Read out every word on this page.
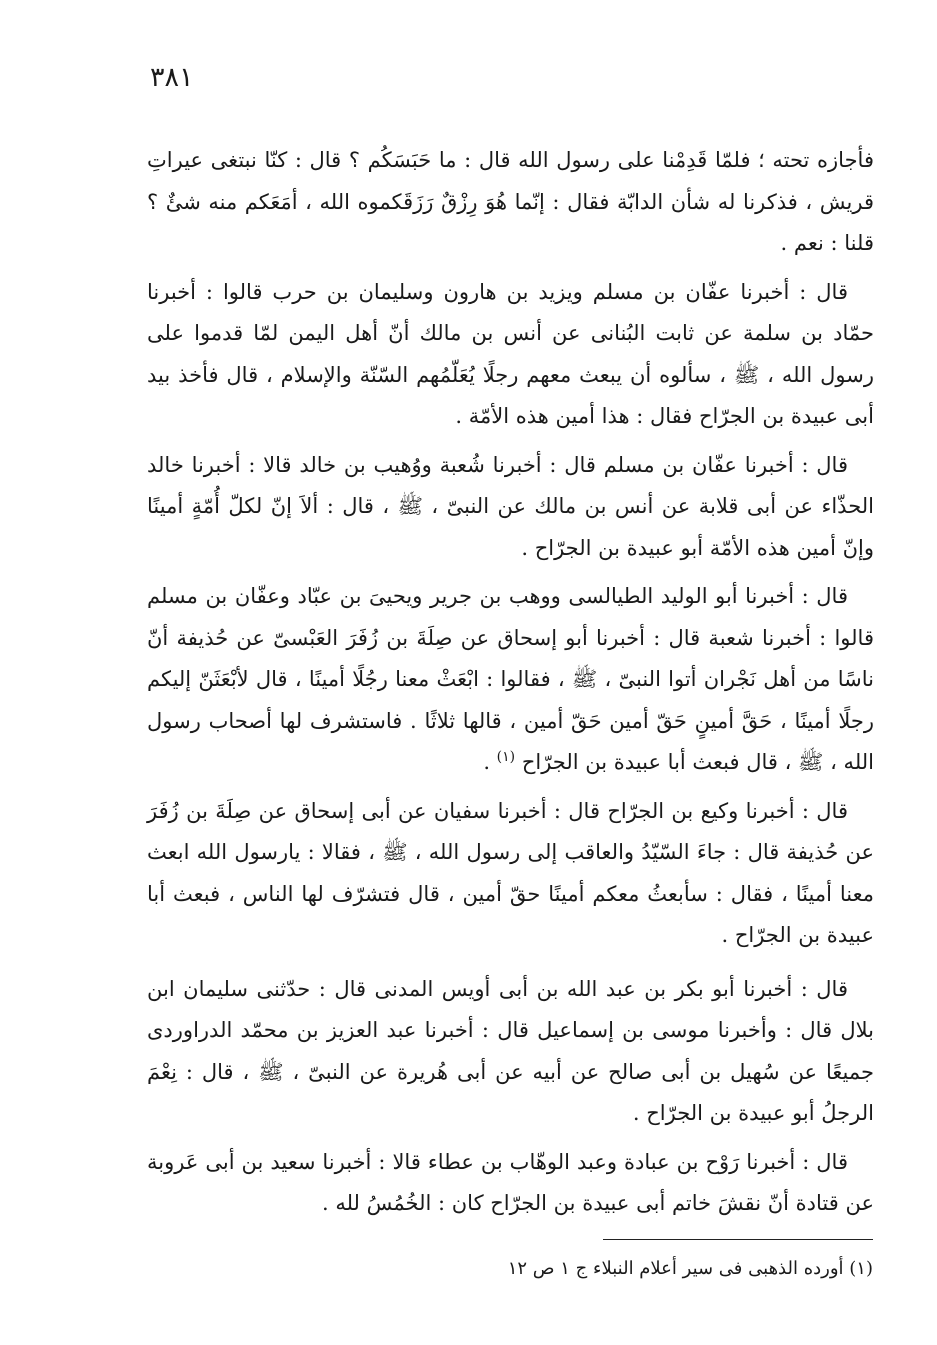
٣٨١

فأجازه تحته ؛ فلمّا قَدِمْنا على رسول الله قال : ما حَبَسَكُم ؟ قال : كنّا نبتغى عيراتِ قريش ، فذكرنا له شأن الدابّة فقال : إنّما هُوَ رِزْقٌ رَزَقَكموه الله ، أمَعَكم منه شئٌ ؟ قلنا : نعم .

قال : أخبرنا عفّان بن مسلم ويزيد بن هارون وسليمان بن حرب قالوا : أخبرنا حمّاد بن سلمة عن ثابت البُنانى عن أنس بن مالك أنّ أهل اليمن لمّا قدموا على رسول الله ، ﷺ ، سألوه أن يبعث معهم رجلًا يُعَلّمُهم السّنّة والإسلام ، قال فأخذ بيد أبى عبيدة بن الجرّاح فقال : هذا أمين هذه الأمّة .

قال : أخبرنا عفّان بن مسلم قال : أخبرنا شُعبة ووُهيب بن خالد قالا : أخبرنا خالد الحذّاء عن أبى قلابة عن أنس بن مالك عن النبىّ ، ﷺ ، قال : ألاَ إنّ لكلّ أُمّةٍ أمينًا وإنّ أمين هذه الأمّة أبو عبيدة بن الجرّاح .

قال : أخبرنا أبو الوليد الطيالسى ووهب بن جرير ويحيىَ بن عبّاد وعفّان بن مسلم قالوا : أخبرنا شعبة قال : أخبرنا أبو إسحاق عن صِلَةَ بن زُفَرَ العَبْسىّ عن حُذيفة أنّ ناسًا من أهل نَجْران أتوا النبىّ ، ﷺ ، فقالوا : ابْعَثْ معنا رجُلًا أمينًا ، قال لأبْعَثَنّ إليكم رجلًا أمينًا ، حَقَّ أمينٍ حَقّ أمين حَقّ أمين ، قالها ثلاثًا . فاستشرف لها أصحاب رسول الله ، ﷺ ، قال فبعث أبا عبيدة بن الجرّاح $^{(١)}$ .

قال : أخبرنا وكيع بن الجرّاح قال : أخبرنا سفيان عن أبى إسحاق عن صِلَةَ بن زُفَرَ عن حُذيفة قال : جاءَ السّيّدُ والعاقب إلى رسول الله ، ﷺ ، فقالا : يارسول الله ابعث معنا أمينًا ، فقال : سأبعثُ معكم أمينًا حقّ أمين ، قال فتشرّف لها الناس ، فبعث أبا عبيدة بن الجرّاح .

قال : أخبرنا أبو بكر بن عبد الله بن أبى أويس المدنى قال : حدّثنى سليمان ابن بلال قال : وأخبرنا موسى بن إسماعيل قال : أخبرنا عبد العزيز بن محمّد الدراوردى جميعًا عن سُهيل بن أبى صالح عن أبيه عن أبى هُريرة عن النبىّ ، ﷺ ، قال : نِعْمَ الرجلُ أبو عبيدة بن الجرّاح .

قال : أخبرنا رَوْح بن عبادة وعبد الوهّاب بن عطاء قالا : أخبرنا سعيد بن أبى عَروبة عن قتادة أنّ نقشَ خاتم أبى عبيدة بن الجرّاح كان : الخُمُسُ لله .

(١) أورده الذهبى فى سير أعلام النبلاء ج ١ ص ١٢
